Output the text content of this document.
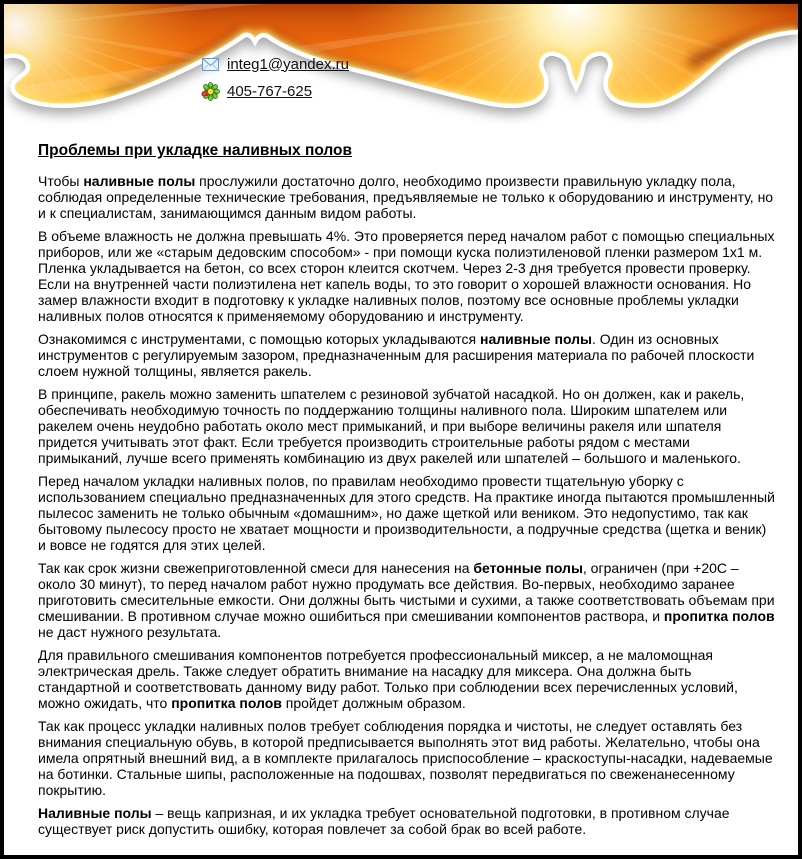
integ1@yandex.ru
405-767-625
Проблемы при укладке наливных полов

Чтобы наливные полы прослужили достаточно долго, необходимо произвести правильную укладку пола, соблюдая определенные технические требования, предъявляемые не только к оборудованию и инструменту, но и к специалистам, занимающимся данным видом работы.

В объеме влажность не должна превышать 4%. Это проверяется перед началом работ с помощью специальных приборов, или же «старым дедовским способом» - при помощи куска полиэтиленовой пленки размером 1х1 м. Пленка укладывается на бетон, со всех сторон клеится скотчем. Через 2-3 дня требуется провести проверку. Если на внутренней части полиэтилена нет капель воды, то это говорит о хорошей влажности основания. Но замер влажности входит в подготовку к укладке наливных полов, поэтому все основные проблемы укладки наливных полов относятся к применяемому оборудованию и инструменту.

Ознакомимся с инструментами, с помощью которых укладываются наливные полы. Один из основных инструментов с регулируемым зазором, предназначенным для расширения материала по рабочей плоскости слоем нужной толщины, является ракель.

В принципе, ракель можно заменить шпателем с резиновой зубчатой насадкой. Но он должен, как и ракель, обеспечивать необходимую точность по поддержанию толщины наливного пола. Широким шпателем или ракелем очень неудобно работать около мест примыканий, и при выборе величины ракеля или шпателя придется учитывать этот факт. Если требуется производить строительные работы рядом с местами примыканий, лучше всего применять комбинацию из двух ракелей или шпателей – большого и маленького.

Перед началом укладки наливных полов, по правилам необходимо провести тщательную уборку с использованием специально предназначенных для этого средств. На практике иногда пытаются промышленный пылесос заменить не только обычным «домашним», но даже щеткой или веником. Это недопустимо, так как бытовому пылесосу просто не хватает мощности и производительности, а подручные средства (щетка и веник) и вовсе не годятся для этих целей.

Так как срок жизни свежеприготовленной смеси для нанесения на бетонные полы, ограничен (при +20С – около 30 минут), то перед началом работ нужно продумать все действия. Во-первых, необходимо заранее приготовить смесительные емкости. Они должны быть чистыми и сухими, а также соответствовать объемам при смешивании. В противном случае можно ошибиться при смешивании компонентов раствора, и пропитка полов не даст нужного результата.

Для правильного смешивания компонентов потребуется профессиональный миксер, а не маломощная электрическая дрель. Также следует обратить внимание на насадку для миксера. Она должна быть стандартной и соответствовать данному виду работ. Только при соблюдении всех перечисленных условий, можно ожидать, что пропитка полов пройдет должным образом.

Так как процесс укладки наливных полов требует соблюдения порядка и чистоты, не следует оставлять без внимания специальную обувь, в которой предписывается выполнять этот вид работы. Желательно, чтобы она имела опрятный внешний вид, а в комплекте прилагалось приспособление – краскоступы-насадки, надеваемые на ботинки. Стальные шипы, расположенные на подошвах, позволят передвигаться по свеженанесенному покрытию.

Наливные полы – вещь капризная, и их укладка требует основательной подготовки, в противном случае существует риск допустить ошибку, которая повлечет за собой брак во всей работе.
